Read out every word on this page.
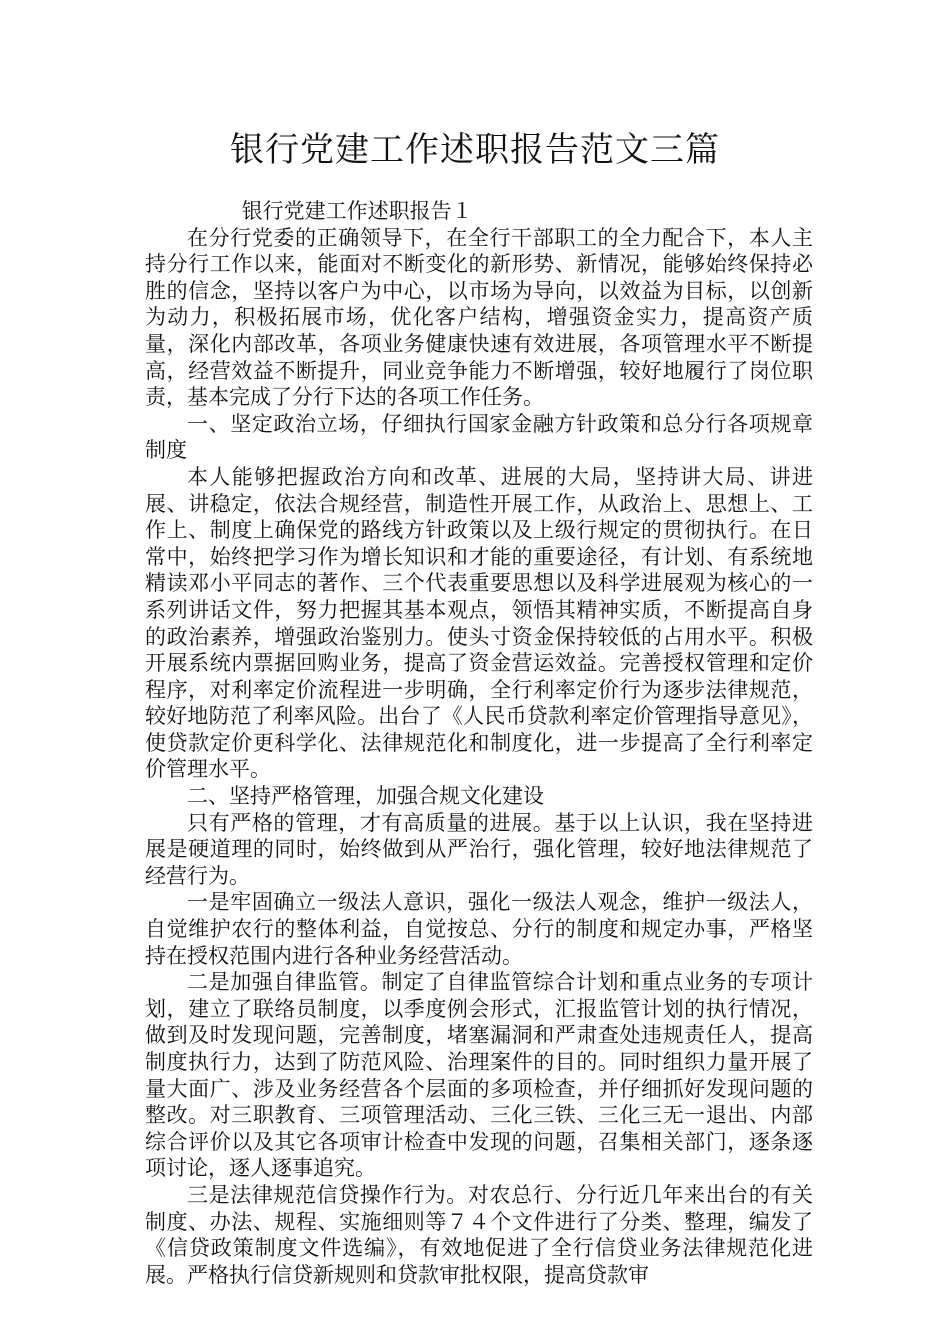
银行党建工作述职报告范文三篇

银行党建工作述职报告１

在分行党委的正确领导下，在全行干部职工的全力配合下，本人主持分行工作以来，能面对不断变化的新形势、新情况，能够始终保持必胜的信念，坚持以客户为中心，以市场为导向，以效益为目标，以创新为动力，积极拓展市场，优化客户结构，增强资金实力，提高资产质量，深化内部改革，各项业务健康快速有效进展，各项管理水平不断提高，经营效益不断提升，同业竞争能力不断增强，较好地履行了岗位职责，基本完成了分行下达的各项工作任务。

一、坚定政治立场，仔细执行国家金融方针政策和总分行各项规章制度

本人能够把握政治方向和改革、进展的大局，坚持讲大局、讲进展、讲稳定，依法合规经营，制造性开展工作，从政治上、思想上、工作上、制度上确保党的路线方针政策以及上级行规定的贯彻执行。在日常中，始终把学习作为增长知识和才能的重要途径，有计划、有系统地精读邓小平同志的著作、三个代表重要思想以及科学进展观为核心的一系列讲话文件，努力把握其基本观点，领悟其精神实质，不断提高自身的政治素养，增强政治鉴别力。使头寸资金保持较低的占用水平。积极开展系统内票据回购业务，提高了资金营运效益。完善授权管理和定价程序，对利率定价流程进一步明确，全行利率定价行为逐步法律规范，较好地防范了利率风险。出台了《人民币贷款利率定价管理指导意见》，使贷款定价更科学化、法律规范化和制度化，进一步提高了全行利率定价管理水平。

二、坚持严格管理，加强合规文化建设

只有严格的管理，才有高质量的进展。基于以上认识，我在坚持进展是硬道理的同时，始终做到从严治行，强化管理，较好地法律规范了经营行为。

一是牢固确立一级法人意识，强化一级法人观念，维护一级法人，自觉维护农行的整体利益，自觉按总、分行的制度和规定办事，严格坚持在授权范围内进行各种业务经营活动。

二是加强自律监管。制定了自律监管综合计划和重点业务的专项计划，建立了联络员制度，以季度例会形式，汇报监管计划的执行情况，做到及时发现问题，完善制度，堵塞漏洞和严肃查处违规责任人，提高制度执行力，达到了防范风险、治理案件的目的。同时组织力量开展了量大面广、涉及业务经营各个层面的多项检查，并仔细抓好发现问题的整改。对三职教育、三项管理活动、三化三铁、三化三无一退出、内部综合评价以及其它各项审计检查中发现的问题，召集相关部门，逐条逐项讨论，逐人逐事追究。

三是法律规范信贷操作行为。对农总行、分行近几年来出台的有关制度、办法、规程、实施细则等７４个文件进行了分类、整理，编发了《信贷政策制度文件选编》，有效地促进了全行信贷业务法律规范化进展。严格执行信贷新规则和贷款审批权限，提高贷款审
